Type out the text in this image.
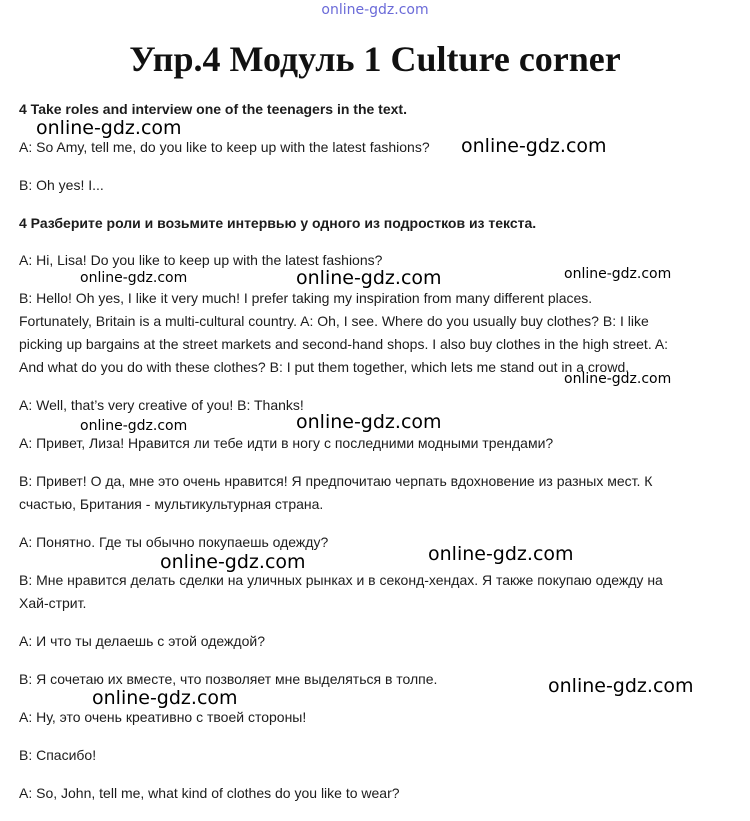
online-gdz.com
Упр.4 Модуль 1 Culture corner
4 Take roles and interview one of the teenagers in the text.
A: So Amy, tell me, do you like to keep up with the latest fashions?
B: Oh yes! I...
4 Разберите роли и возьмите интервью у одного из подростков из текста.
A: Hi, Lisa! Do you like to keep up with the latest fashions?
B: Hello! Oh yes, I like it very much! I prefer taking my inspiration from many different places.
Fortunately, Britain is a multi-cultural country. A: Oh, I see. Where do you usually buy clothes? B: I like
picking up bargains at the street markets and second-hand shops. I also buy clothes in the high street. A:
And what do you do with these clothes? B: I put them together, which lets me stand out in a crowd.
A: Well, that’s very creative of you! B: Thanks!
A: Привет, Лиза! Нравится ли тебе идти в ногу с последними модными трендами?
B: Привет! О да, мне это очень нравится! Я предпочитаю черпать вдохновение из разных мест. К
счастью, Британия - мультикультурная страна.
A: Понятно. Где ты обычно покупаешь одежду?
B: Мне нравится делать сделки на уличных рынках и в секонд-хендах. Я также покупаю одежду на
Хай-стрит.
A: И что ты делаешь с этой одеждой?
B: Я сочетаю их вместе, что позволяет мне выделяться в толпе.
A: Ну, это очень креативно с твоей стороны!
B: Спасибо!
A: So, John, tell me, what kind of clothes do you like to wear?
online-gdz.com
online-gdz.com
online-gdz.com	online-gdz.com	online-gdz.com
online-gdz.com
online-gdz.com	online-gdz.com
online-gdz.com
online-gdz.com
online-gdz.com
online-gdz.com
